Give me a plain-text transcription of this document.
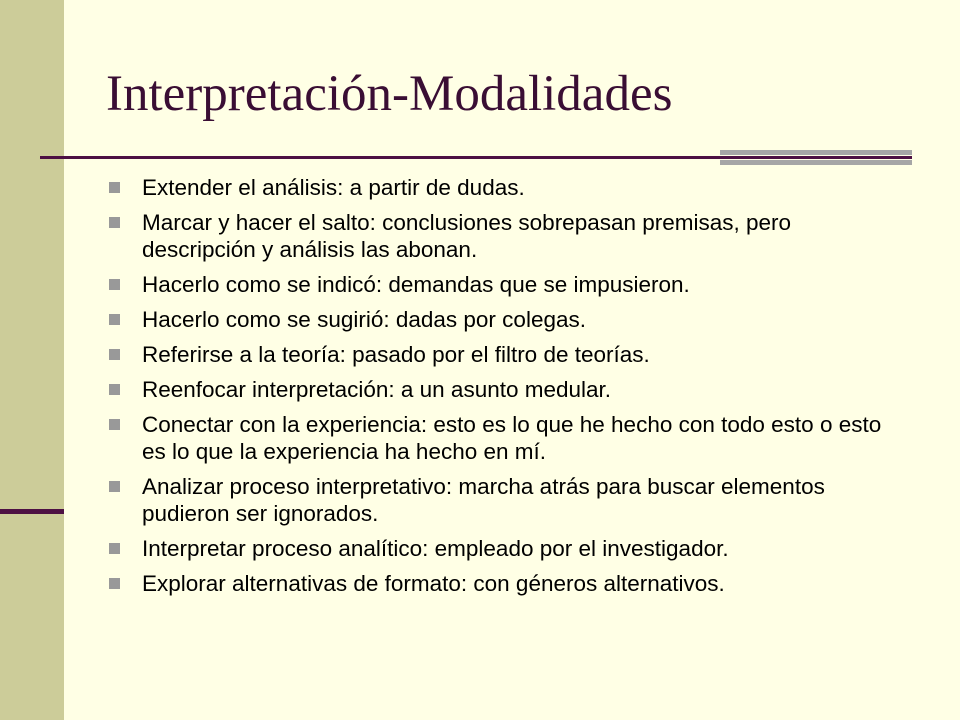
Interpretación-Modalidades
Extender el análisis: a partir de dudas.
Marcar y hacer el salto: conclusiones sobrepasan premisas, pero descripción y análisis las abonan.
Hacerlo como se indicó: demandas que se impusieron.
Hacerlo como se sugirió: dadas por colegas.
Referirse a la teoría: pasado por el filtro de teorías.
Reenfocar interpretación: a un asunto medular.
Conectar con la experiencia: esto es lo que he hecho con todo esto o esto es lo que la experiencia ha hecho en mí.
Analizar proceso interpretativo: marcha atrás para buscar elementos pudieron ser ignorados.
Interpretar proceso analítico: empleado por el investigador.
Explorar alternativas de formato: con géneros alternativos.
